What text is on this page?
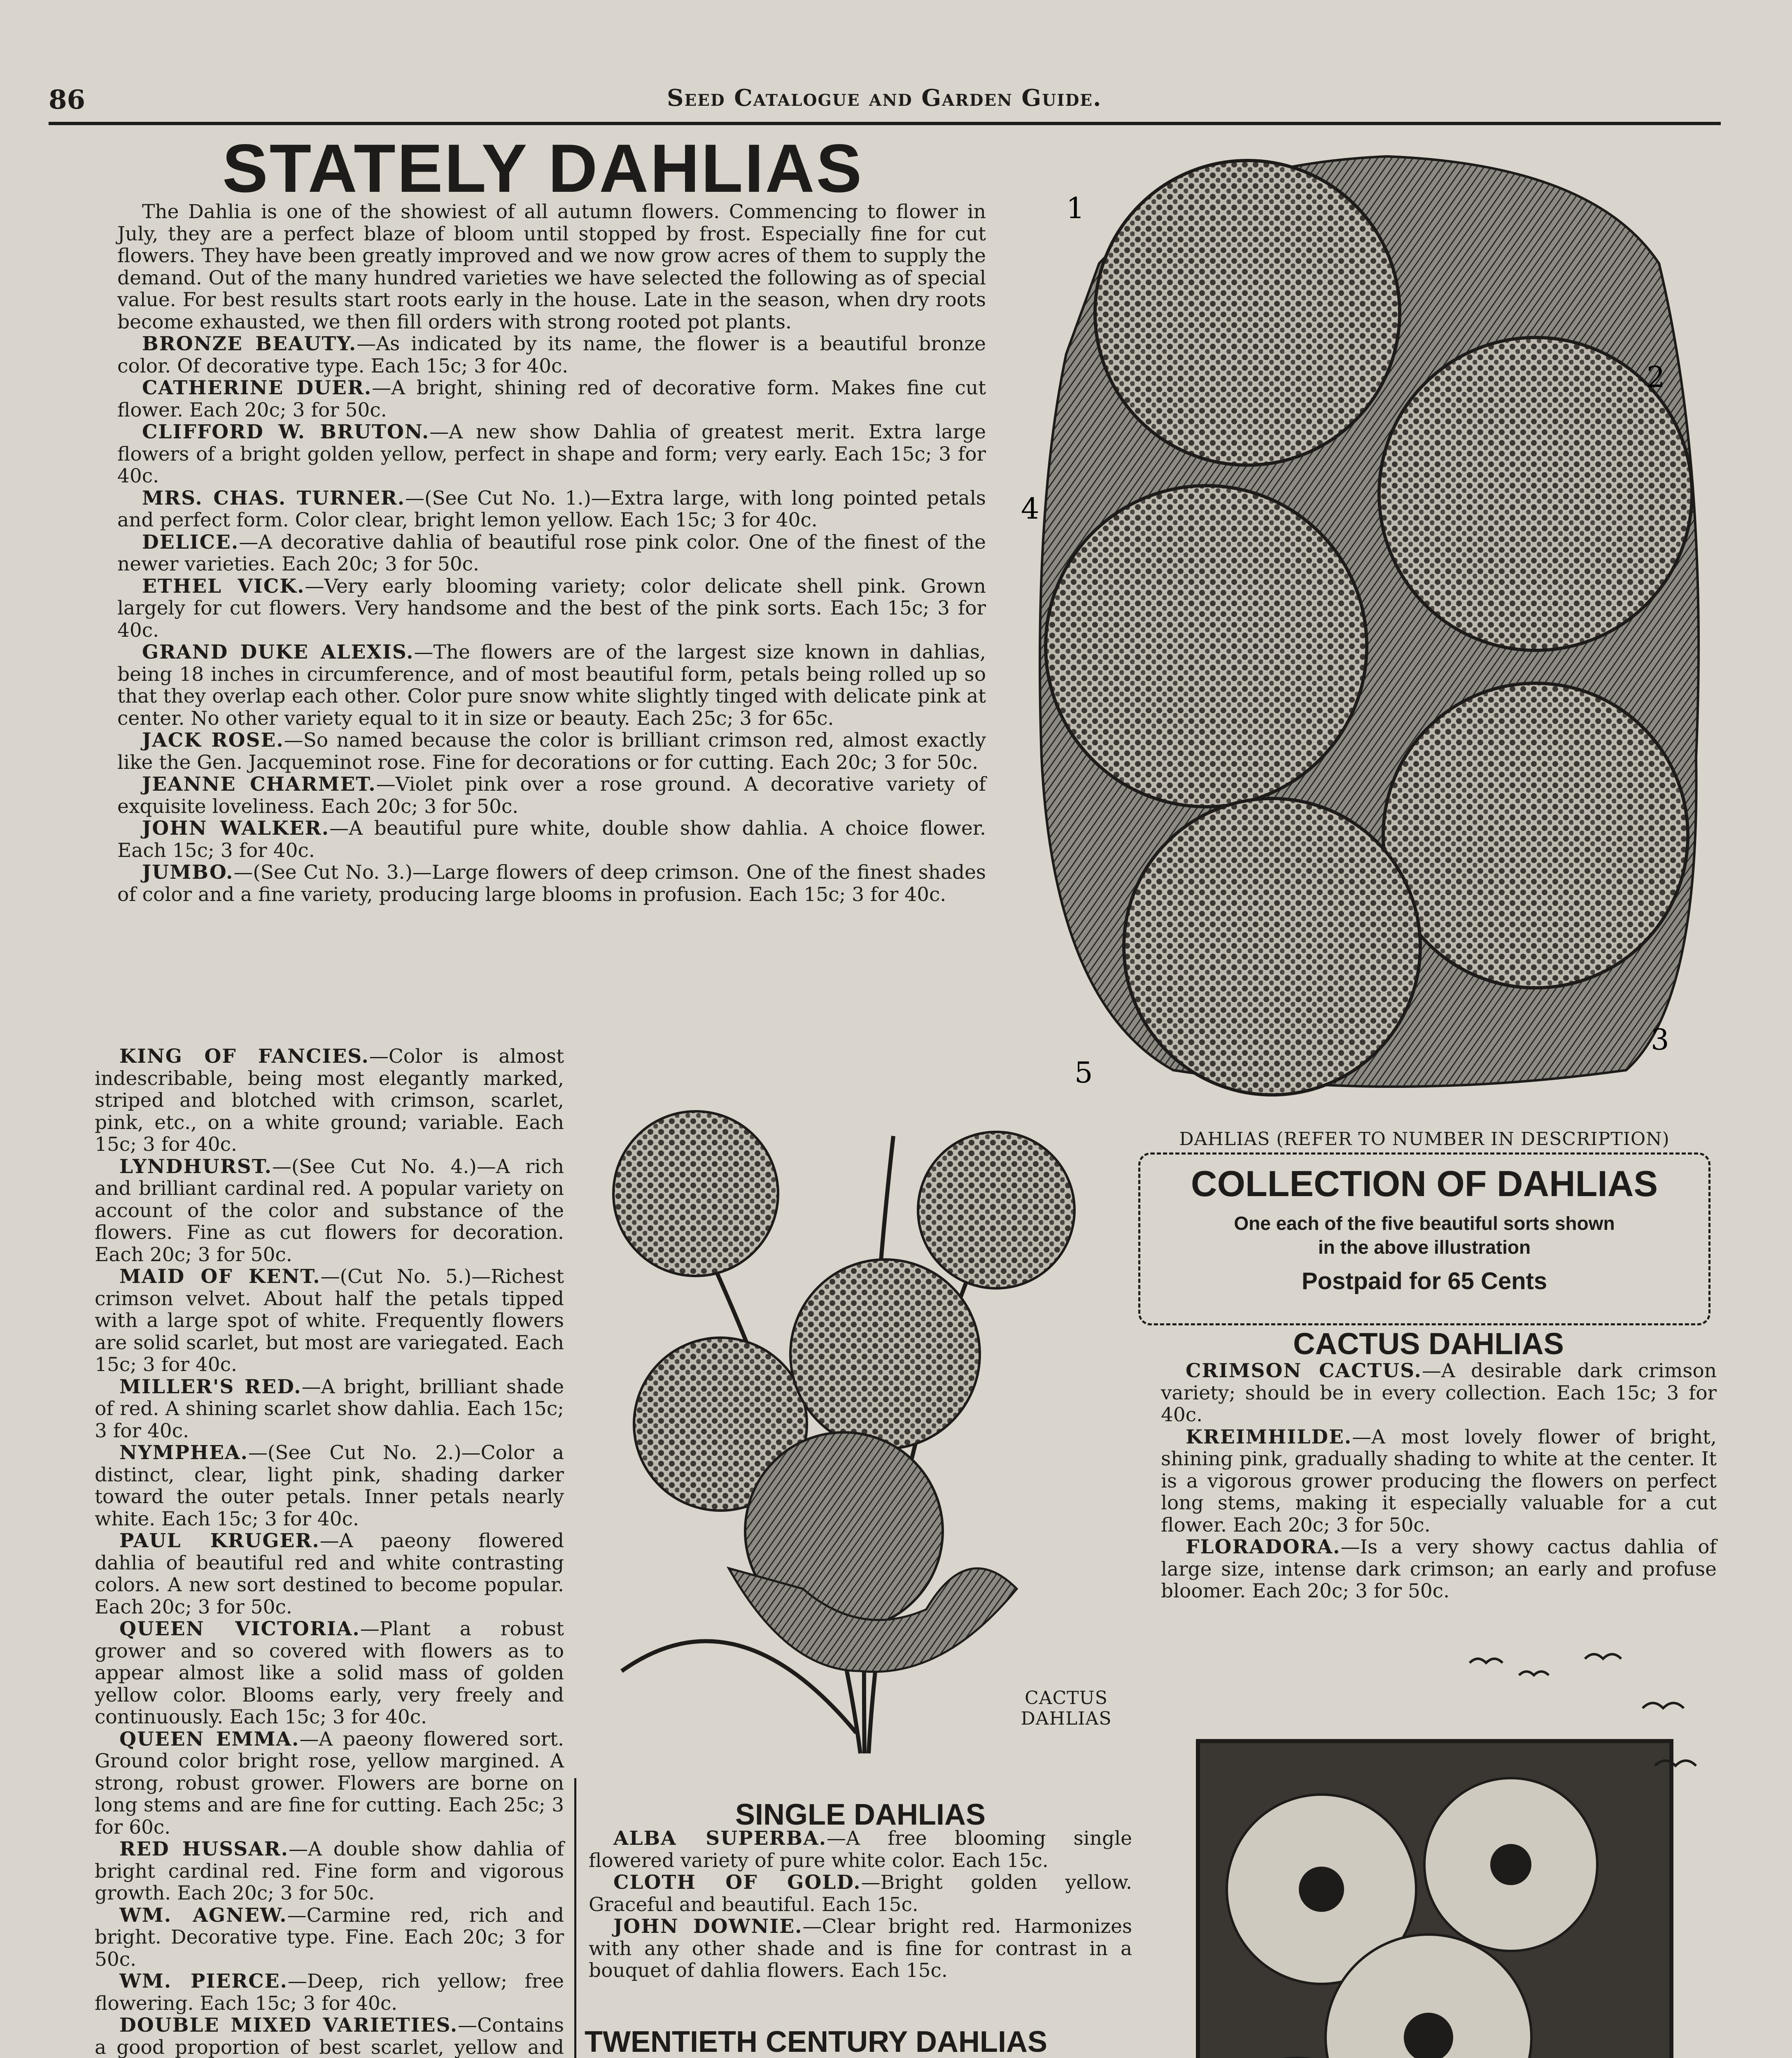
86	Seed Catalogue and Garden Guide.
STATELY DAHLIAS

The Dahlia is one of the showiest of all autumn flowers. Commencing to flower in July, they are a perfect blaze of bloom until stopped by frost. Especially fine for cut flowers. They have been greatly improved and we now grow acres of them to supply the demand. Out of the many hundred varieties we have selected the following as of special value. For best results start roots early in the house. Late in the season, when dry roots become exhausted, we then fill orders with strong rooted pot plants.

BRONZE BEAUTY.—As indicated by its name, the flower is a beautiful bronze color. Of decorative type. Each 15c; 3 for 40c.

CATHERINE DUER.—A bright, shining red of decorative form. Makes fine cut flower. Each 20c; 3 for 50c.

CLIFFORD W. BRUTON.—A new show Dahlia of greatest merit. Extra large flowers of a bright golden yellow, perfect in shape and form; very early. Each 15c; 3 for 40c.

MRS. CHAS. TURNER.—(See Cut No. 1.)—Extra large, with long pointed petals and perfect form. Color clear, bright lemon yellow. Each 15c; 3 for 40c.

DELICE.—A decorative dahlia of beautiful rose pink color. One of the finest of the newer varieties. Each 20c; 3 for 50c.

ETHEL VICK.—Very early blooming variety; color delicate shell pink. Grown largely for cut flowers. Very handsome and the best of the pink sorts. Each 15c; 3 for 40c.

GRAND DUKE ALEXIS.—The flowers are of the largest size known in dahlias, being 18 inches in circumference, and of most beautiful form, petals being rolled up so that they overlap each other. Color pure snow white slightly tinged with delicate pink at center. No other variety equal to it in size or beauty. Each 25c; 3 for 65c.

JACK ROSE.—So named because the color is brilliant crimson red, almost exactly like the Gen. Jacqueminot rose. Fine for decorations or for cutting. Each 20c; 3 for 50c.

JEANNE CHARMET.—Violet pink over a rose ground. A decorative variety of exquisite loveliness. Each 20c; 3 for 50c.

JOHN WALKER.—A beautiful pure white, double show dahlia. A choice flower. Each 15c; 3 for 40c.

JUMBO.—(See Cut No. 3.)—Large flowers of deep crimson. One of the finest shades of color and a fine variety, producing large blooms in profusion. Each 15c; 3 for 40c.

1
2
4
3
5
DAHLIAS (REFER TO NUMBER IN DESCRIPTION)
COLLECTION OF DAHLIAS
One each of the five beautiful sorts shown
in the above illustration
Postpaid for 65 Cents
CACTUS DAHLIAS

CRIMSON CACTUS.—A desirable dark crimson variety; should be in every collection. Each 15c; 3 for 40c.

KREIMHILDE.—A most lovely flower of bright, shining pink, gradually shading to white at the center. It is a vigorous grower producing the flowers on perfect long stems, making it especially valuable for a cut flower. Each 20c; 3 for 50c.

FLORADORA.—Is a very showy cactus dahlia of large size, intense dark crimson; an early and profuse bloomer. Each 20c; 3 for 50c.

KING OF FANCIES.—Color is almost indescribable, being most elegantly marked, striped and blotched with crimson, scarlet, pink, etc., on a white ground; variable. Each 15c; 3 for 40c.

LYNDHURST.—(See Cut No. 4.)—A rich and brilliant cardinal red. A popular variety on account of the color and substance of the flowers. Fine as cut flowers for decoration. Each 20c; 3 for 50c.

MAID OF KENT.—(Cut No. 5.)—Richest crimson velvet. About half the petals tipped with a large spot of white. Frequently flowers are solid scarlet, but most are variegated. Each 15c; 3 for 40c.

MILLER'S RED.—A bright, brilliant shade of red. A shining scarlet show dahlia. Each 15c; 3 for 40c.

NYMPHEA.—(See Cut No. 2.)—Color a distinct, clear, light pink, shading darker toward the outer petals. Inner petals nearly white. Each 15c; 3 for 40c.

PAUL KRUGER.—A paeony flowered dahlia of beautiful red and white contrasting colors. A new sort destined to become popular. Each 20c; 3 for 50c.

QUEEN VICTORIA.—Plant a robust grower and so covered with flowers as to appear almost like a solid mass of golden yellow color. Blooms early, very freely and continuously. Each 15c; 3 for 40c.

QUEEN EMMA.—A paeony flowered sort. Ground color bright rose, yellow margined. A strong, robust grower. Flowers are borne on long stems and are fine for cutting. Each 25c; 3 for 60c.

RED HUSSAR.—A double show dahlia of bright cardinal red. Fine form and vigorous growth. Each 20c; 3 for 50c.

WM. AGNEW.—Carmine red, rich and bright. Decorative type. Fine. Each 20c; 3 for 50c.

WM. PIERCE.—Deep, rich yellow; free flowering. Each 15c; 3 for 40c.

DOUBLE MIXED VARIETIES.—Contains a good proportion of best scarlet, yellow and

CACTUS
DAHLIAS
SINGLE DAHLIAS

ALBA SUPERBA.—A free blooming single flowered variety of pure white color. Each 15c.

CLOTH OF GOLD.—Bright golden yellow. Graceful and beautiful. Each 15c.

JOHN DOWNIE.—Clear bright red. Harmonizes with any other shade and is fine for contrast in a bouquet of dahlia flowers. Each 15c.

TWENTIETH CENTURY DAHLIAS
